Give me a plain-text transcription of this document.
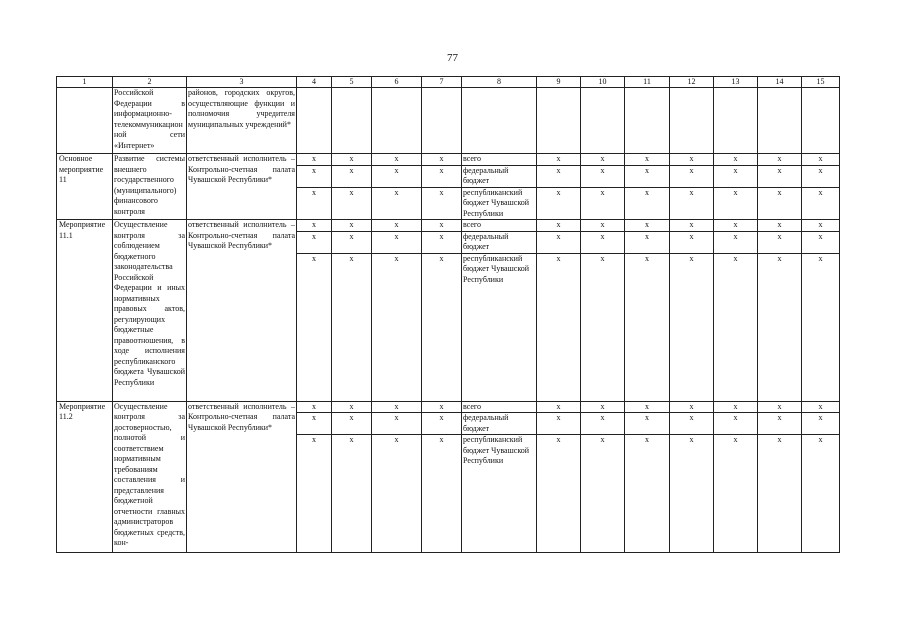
77
1	2	3	4	5	6	7	8	9	10	11	12	13	14	15
	Российской Федерации в информационно-телекоммуникационной сети «Интернет»	районов, городских округов, осуществляющие функции и полномочия учредителя муниципальных учреждений*												
Основное мероприятие 11	Развитие системы внешнего государственного (муниципального) финансового контроля	ответственный исполнитель – Контрольно-счетная палата Чувашской Республики*	x	x	x	x	всего	x	x	x	x	x	x	x
			x	x	x	x	федеральный бюджет	x	x	x	x	x	x	x
			x	x	x	x	республиканский бюджет Чувашской Республики	x	x	x	x	x	x	x
Мероприятие 11.1	Осуществление контроля за соблюдением бюджетного законодательства Российской Федерации и иных нормативных правовых актов, регулирующих бюджетные правоотношения, в ходе исполнения республиканского бюджета Чувашской Республики	ответственный исполнитель – Контрольно-счетная палата Чувашской Республики*	x	x	x	x	всего	x	x	x	x	x	x	x
			x	x	x	x	федеральный бюджет	x	x	x	x	x	x	x
			x	x	x	x	республиканский бюджет Чувашской Республики	x	x	x	x	x	x	x
Мероприятие 11.2	Осуществление контроля за достоверностью, полнотой и соответствием нормативным требованиям составления и представления бюджетной отчетности главных администраторов бюджетных средств, кон-	ответственный исполнитель – Контрольно-счетная палата Чувашской Республики*	x	x	x	x	всего	x	x	x	x	x	x	x
			x	x	x	x	федеральный бюджет	x	x	x	x	x	x	x
			x	x	x	x	республиканский бюджет Чувашской Республики	x	x	x	x	x	x	x
